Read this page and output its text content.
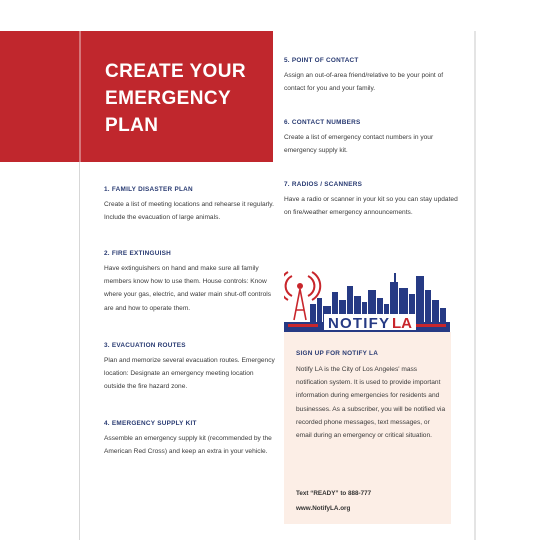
CREATE YOUR
EMERGENCY
PLAN
1. FAMILY DISASTER PLAN

Create a list of meeting locations and rehearse it regularly. Include the evacuation of large animals.

2. FIRE EXTINGUISH

Have extinguishers on hand and make sure all family members know how to use them. House controls: Know where your gas, electric, and water main shut-off controls are and how to operate them.

3. EVACUATION ROUTES

Plan and memorize several evacuation routes. Emergency location: Designate an emergency meeting location outside the fire hazard zone.

4. EMERGENCY SUPPLY KIT

Assemble an emergency supply kit (recommended by the American Red Cross) and keep an extra in your vehicle.

5. POINT OF CONTACT

Assign an out-of-area friend/relative to be your point of contact for you and your family.

6. CONTACT NUMBERS

Create a list of emergency contact numbers in your emergency supply kit.

7. RADIOS / SCANNERS

Have a radio or scanner in your kit so you can stay updated on fire/weather emergency announcements.

NOTIFY LA
SIGN UP FOR NOTIFY LA

Notify LA is the City of Los Angeles' mass notification system. It is used to provide important information during emergencies for residents and businesses. As a subscriber, you will be notified via recorded phone messages, text messages, or email during an emergency or critical situation.

Text “READY” to 888-777

www.NotifyLA.org
